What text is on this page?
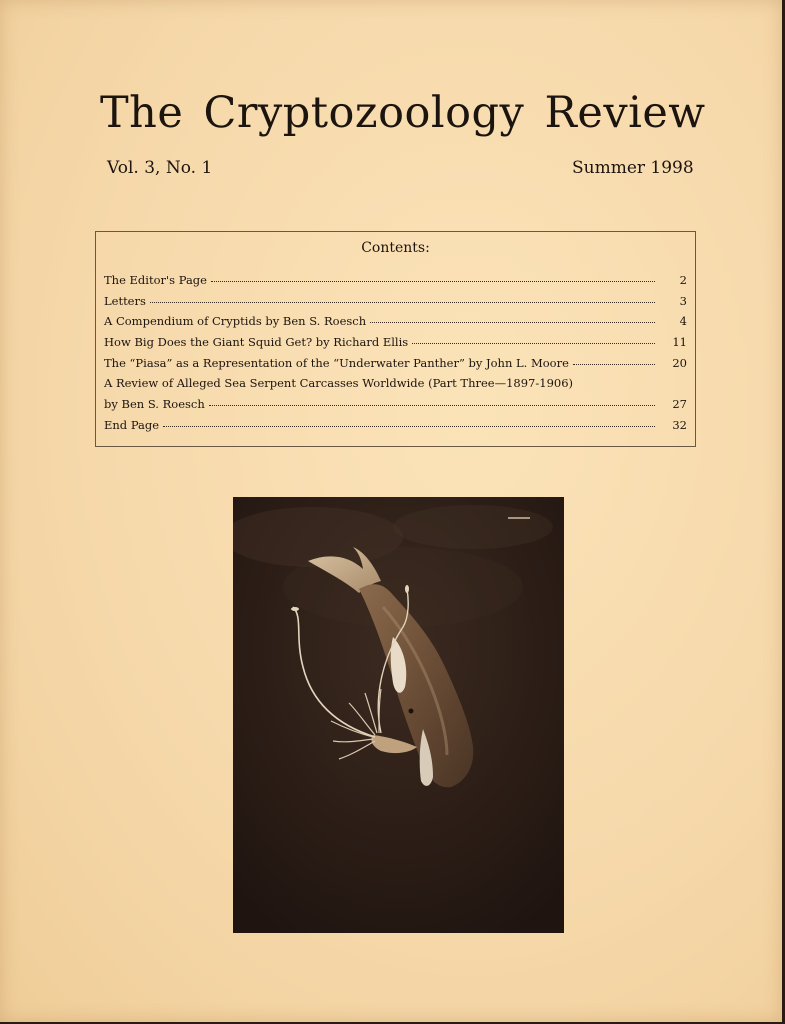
The Cryptozoology Review
Vol. 3, No. 1	Summer 1998
Contents:
The Editor's Page	2
Letters	3
A Compendium of Cryptids by Ben S. Roesch	4
How Big Does the Giant Squid Get? by Richard Ellis	11
The “Piasa” as a Representation of the “Underwater Panther” by John L. Moore	20
A Review of Alleged Sea Serpent Carcasses Worldwide (Part Three—1897-1906)
by Ben S. Roesch	27
End Page	32
